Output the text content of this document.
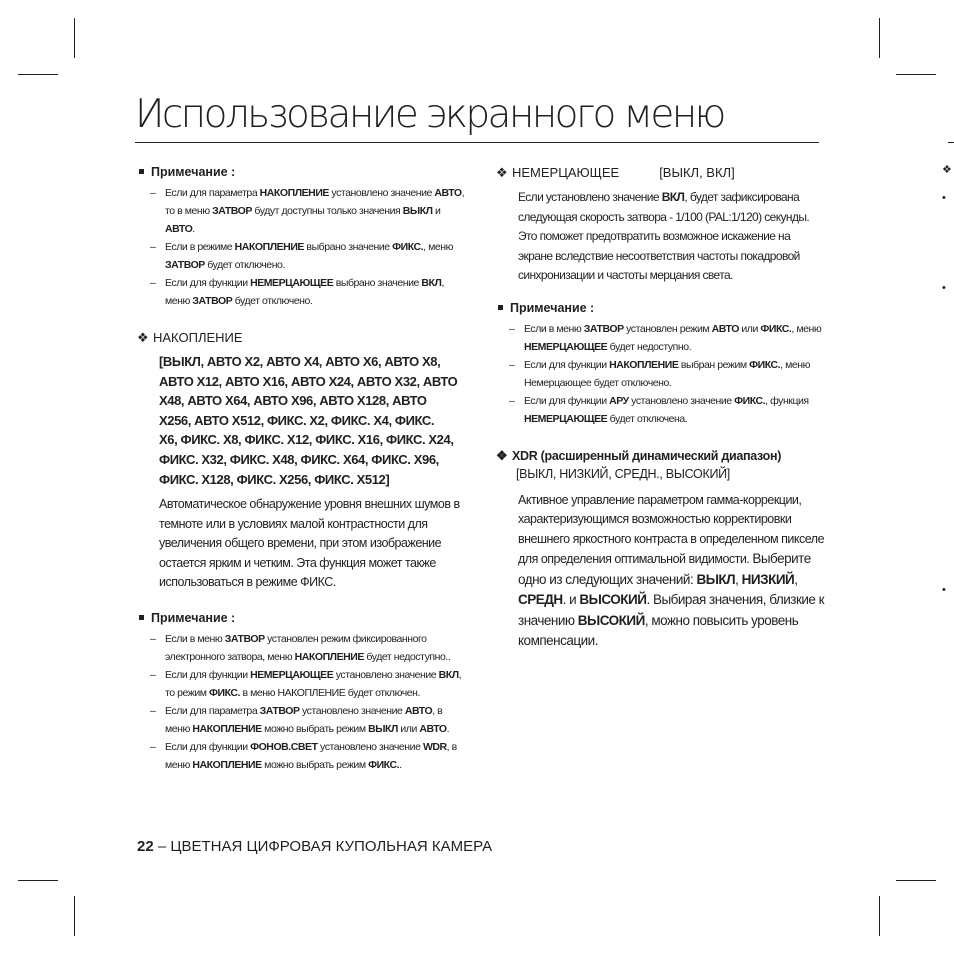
Использование экранного меню

Примечание :

– Если для параметра НАКОПЛЕНИЕ установлено значение АВТО, то в меню ЗАТВОР будут доступны только значения ВЫКЛ и АВТО.
– Если в режиме НАКОПЛЕНИЕ выбрано значение ФИКС., меню ЗАТВОР будет отключено.
– Если для функции НЕМЕРЦАЮЩЕЕ выбрано значение ВКЛ, меню ЗАТВОР будет отключено.

❖ НАКОПЛЕНИЕ

[ВЫКЛ, АВТО X2, АВТО X4, АВТО X6, АВТО X8,
АВТО X12, АВТО X16, АВТО X24, АВТО X32, АВТО
X48, АВТО X64, АВТО X96, АВТО X128, АВТО
X256, АВТО X512, ФИКС. X2, ФИКС. X4, ФИКС.
X6, ФИКС. X8, ФИКС. X12, ФИКС. X16, ФИКС. X24,
ФИКС. X32, ФИКС. X48, ФИКС. X64, ФИКС. X96,
ФИКС. X128, ФИКС. X256, ФИКС. X512]

Автоматическое обнаружение уровня внешних шумов в темноте или в условиях малой контрастности для увеличения общего времени, при этом изображение остается ярким и четким. Эта функция может также использоваться в режиме ФИКС.

Примечание :

– Если в меню ЗАТВОР установлен режим фиксированного электронного затвора, меню НАКОПЛЕНИЕ будет недоступно..
– Если для функции НЕМЕРЦАЮЩЕЕ установлено значение ВКЛ, то режим ФИКС. в меню НАКОПЛЕНИЕ будет отключен.
– Если для параметра ЗАТВОР установлено значение АВТО, в меню НАКОПЛЕНИЕ можно выбрать режим ВЫКЛ или АВТО.
– Если для функции ФОНОВ.СВЕТ установлено значение WDR, в меню НАКОПЛЕНИЕ можно выбрать режим ФИКС..

❖ НЕМЕРЦАЮЩЕЕ	[ВЫКЛ, ВКЛ]

Если установлено значение ВКЛ, будет зафиксирована следующая скорость затвора - 1/100 (PAL:1/120) секунды. Это поможет предотвратить возможное искажение на экране вследствие несоответствия частоты покадровой синхронизации и частоты мерцания света.

Примечание :

– Если в меню ЗАТВОР установлен режим АВТО или ФИКС., меню НЕМЕРЦАЮЩЕЕ будет недоступно.
– Если для функции НАКОПЛЕНИЕ выбран режим ФИКС., меню Немерцающее будет отключено.
– Если для функции АРУ установлено значение ФИКС., функция НЕМЕРЦАЮЩЕЕ будет отключена.

❖ XDR (расширенный динамический диапазон)

[ВЫКЛ, НИЗКИЙ, СРЕДН., ВЫСОКИЙ]

Активное управление параметром гамма-коррекции, характеризующимся возможностью корректировки внешнего яркостного контраста в определенном пикселе для определения оптимальной видимости. Выберите одно из следующих значений: ВЫКЛ, НИЗКИЙ, СРЕДН. и ВЫСОКИЙ. Выбирая значения, близкие к значению ВЫСОКИЙ, можно повысить уровень компенсации.

❖
•
•
•
22 – ЦВЕТНАЯ ЦИФРОВАЯ КУПОЛЬНАЯ КАМЕРА
